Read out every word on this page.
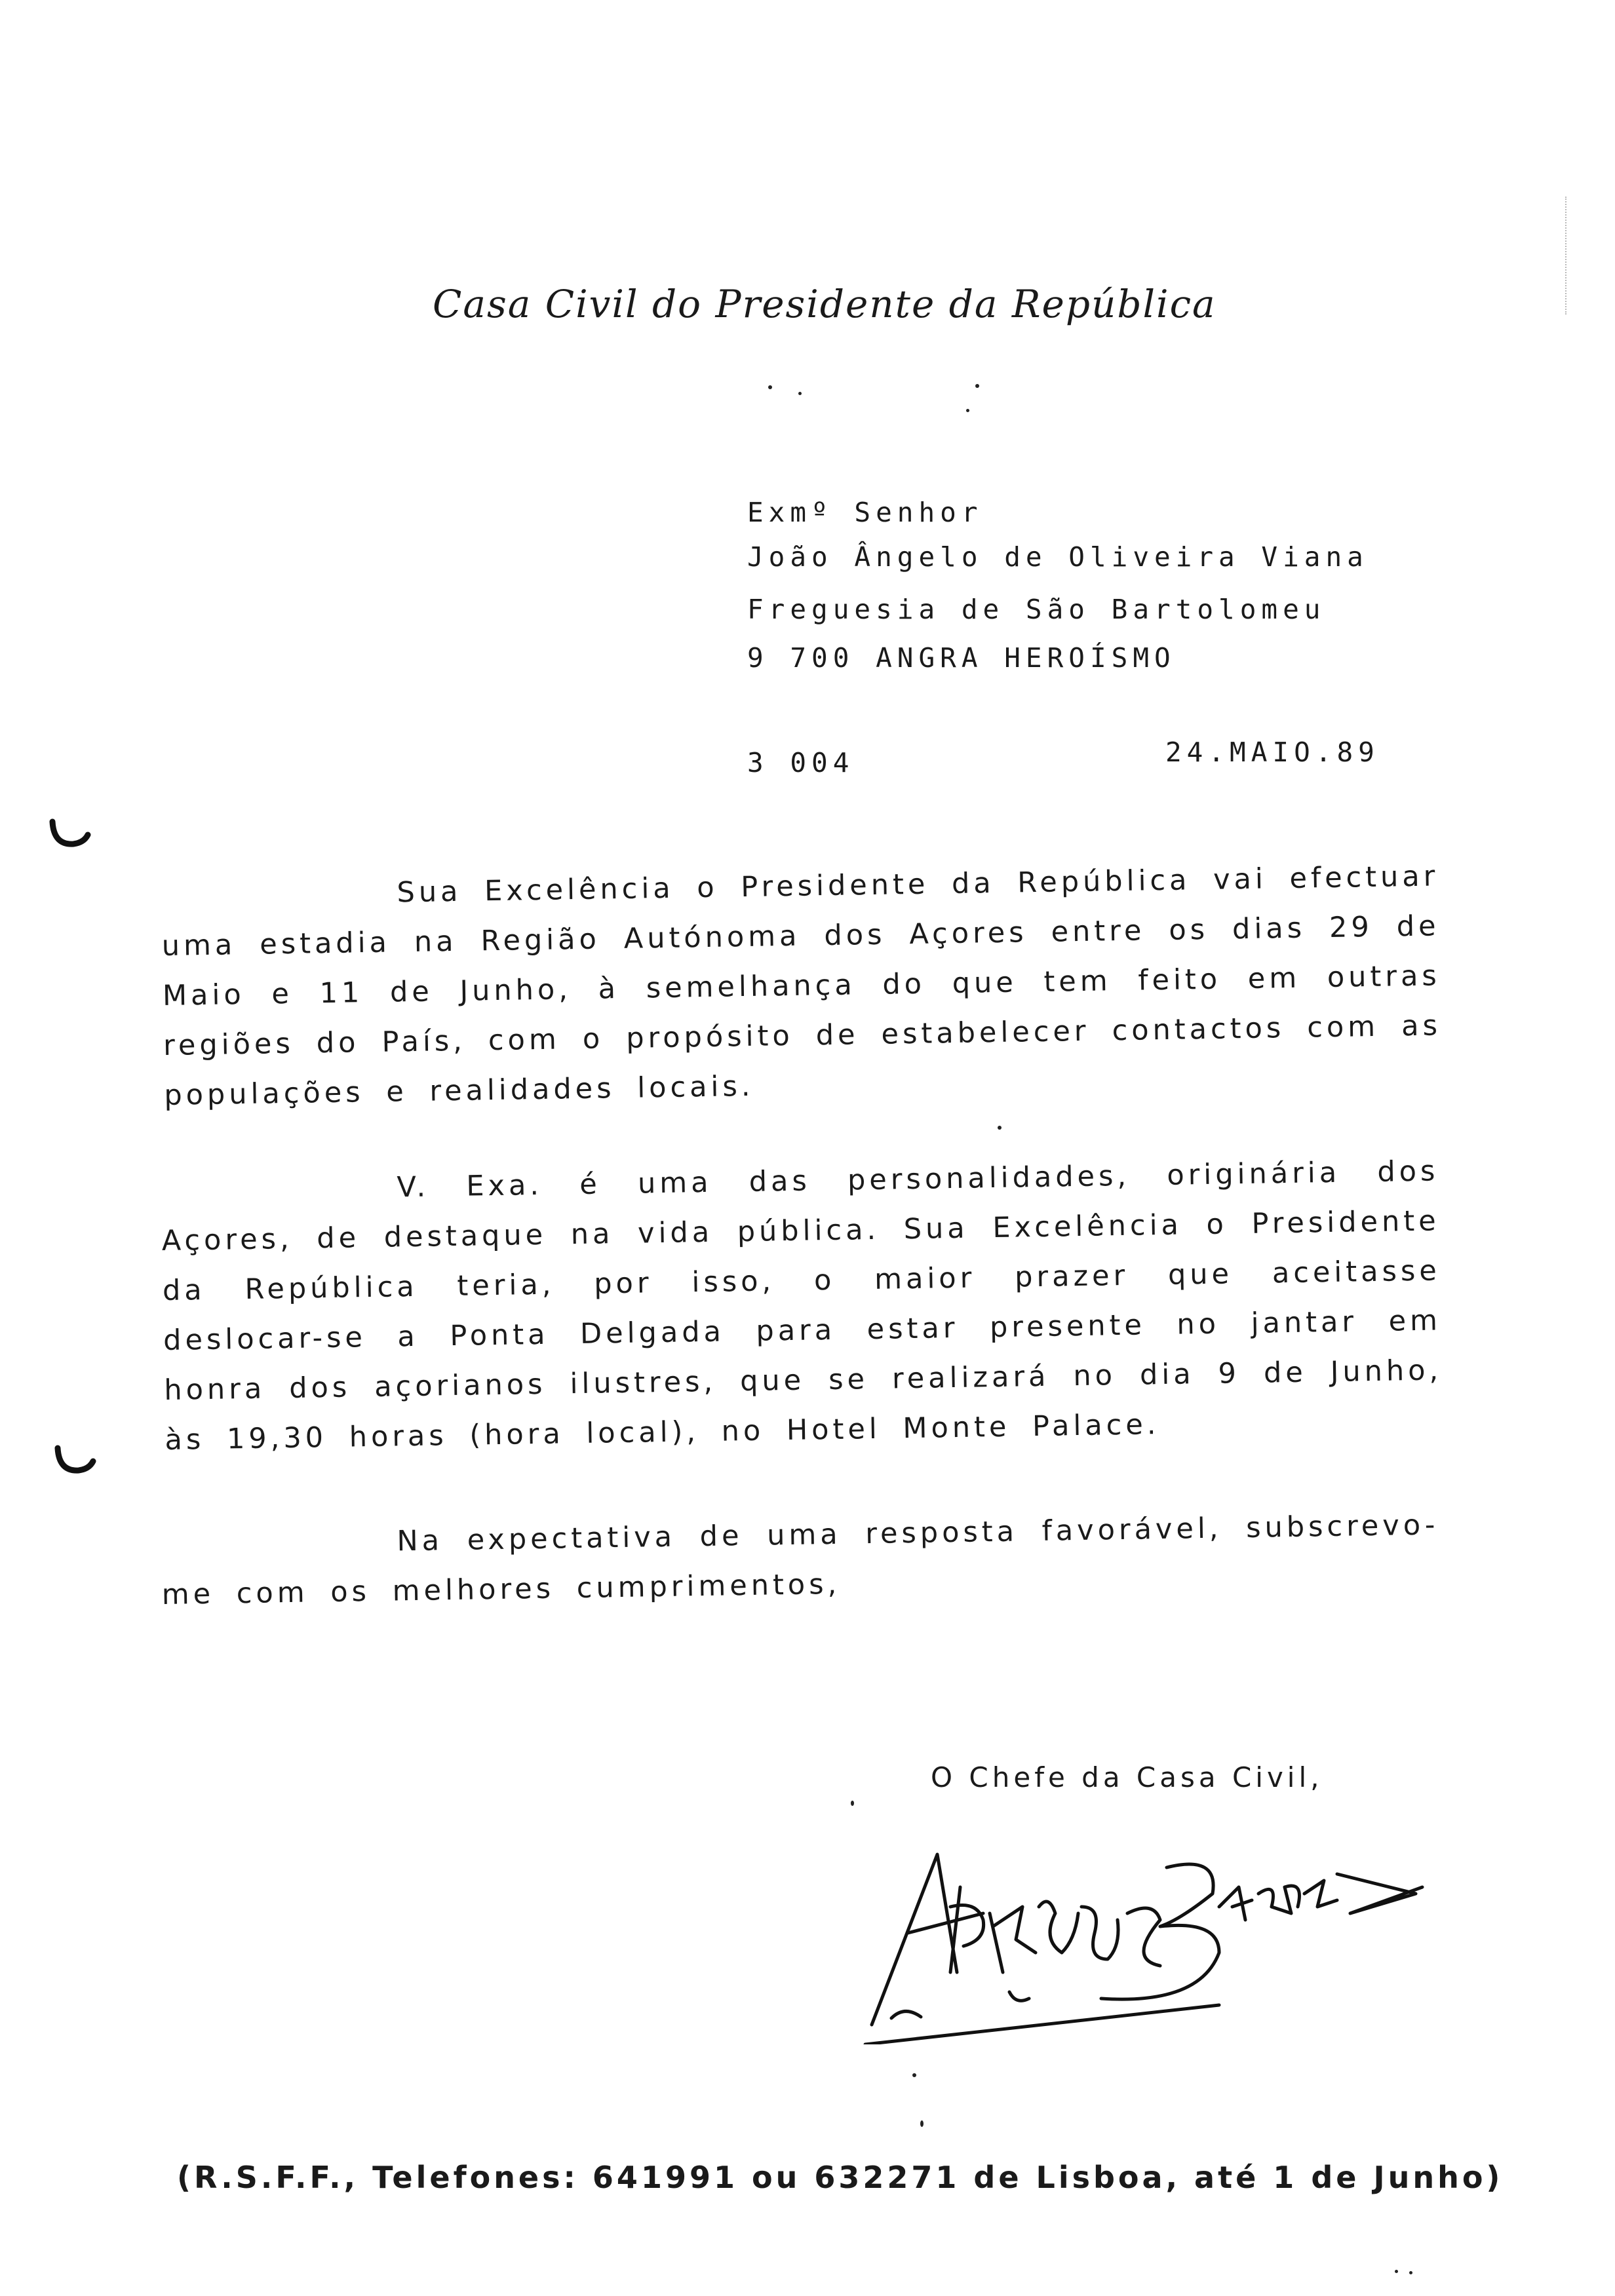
Casa Civil do Presidente da República
Exmº Senhor
João Ângelo de Oliveira Viana
Freguesia de São Bartolomeu
9 700 ANGRA HEROÍSMO
3 004	24.MAIO.89

Sua Excelência o Presidente da República vai efectuar uma estadia na Região Autónoma dos Açores entre os dias 29 de Maio e 11 de Junho, à semelhança do que tem feito em outras regiões do País, com o propósito de estabelecer contactos com as populações e realidades locais.

V. Exa. é uma das personalidades, originária dos Açores, de destaque na vida pública. Sua Excelência o Presidente da República teria, por isso, o maior prazer que aceitasse deslocar-se a Ponta Delgada para estar presente no jantar em honra dos açorianos ilustres, que se realizará no dia 9 de Junho, às 19,30 horas (hora local), no Hotel Monte Palace.

Na expectativa de uma resposta favorável, subscrevo-me com os melhores cumprimentos,

O Chefe da Casa Civil,
(R.S.F.F., Telefones: 641991 ou 632271 de Lisboa, até 1 de Junho)
